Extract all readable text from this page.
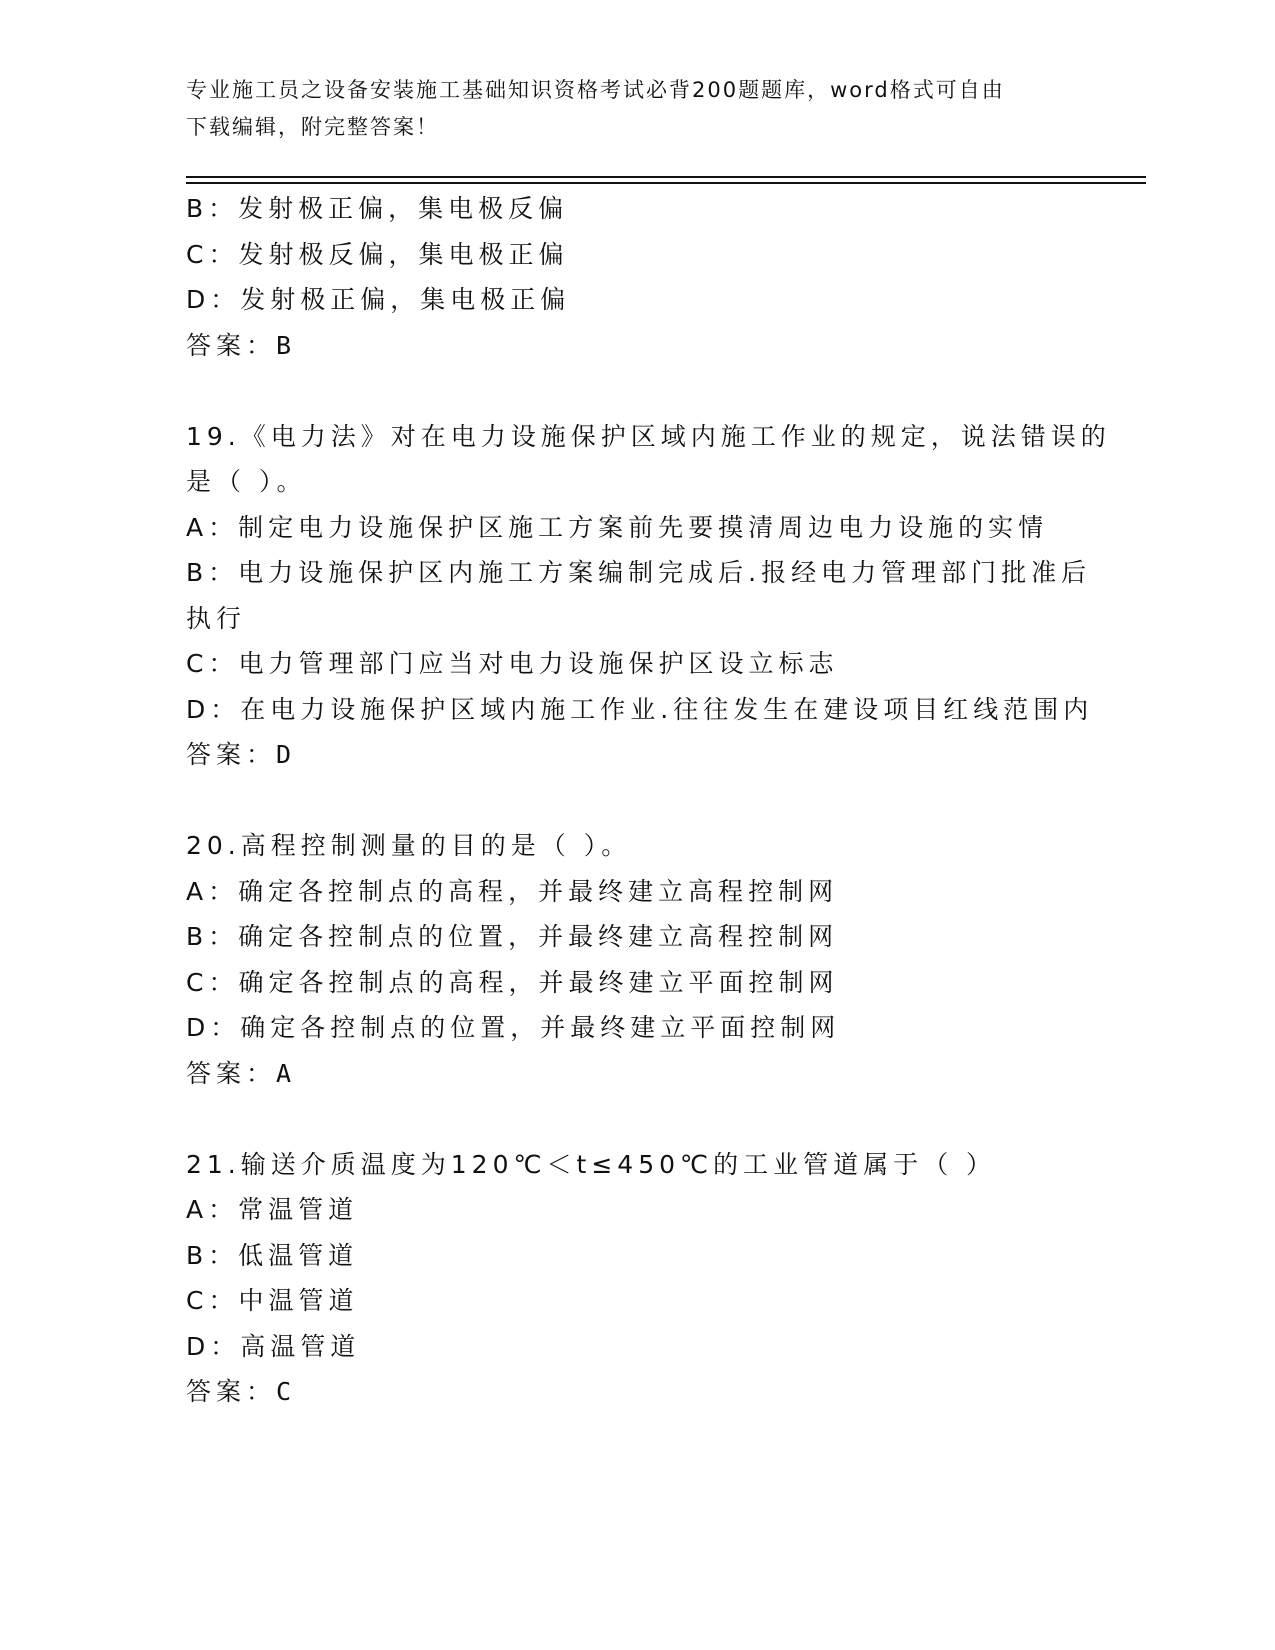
专业施工员之设备安装施工基础知识资格考试必背200题题库，word格式可自由
下载编辑，附完整答案！
B：发射极正偏，集电极反偏
C：发射极反偏，集电极正偏
D：发射极正偏，集电极正偏
答案：B
19.《电力法》对在电力设施保护区域内施工作业的规定，说法错误的
是（ ）。
A：制定电力设施保护区施工方案前先要摸清周边电力设施的实情
B：电力设施保护区内施工方案编制完成后.报经电力管理部门批准后
执行
C：电力管理部门应当对电力设施保护区设立标志
D：在电力设施保护区域内施工作业.往往发生在建设项目红线范围内
答案：D
20.高程控制测量的目的是（ ）。
A：确定各控制点的高程，并最终建立高程控制网
B：确定各控制点的位置，并最终建立高程控制网
C：确定各控制点的高程，并最终建立平面控制网
D：确定各控制点的位置，并最终建立平面控制网
答案：A
21.输送介质温度为120℃＜t≤450℃的工业管道属于（ ）
A：常温管道
B：低温管道
C：中温管道
D：高温管道
答案：C
